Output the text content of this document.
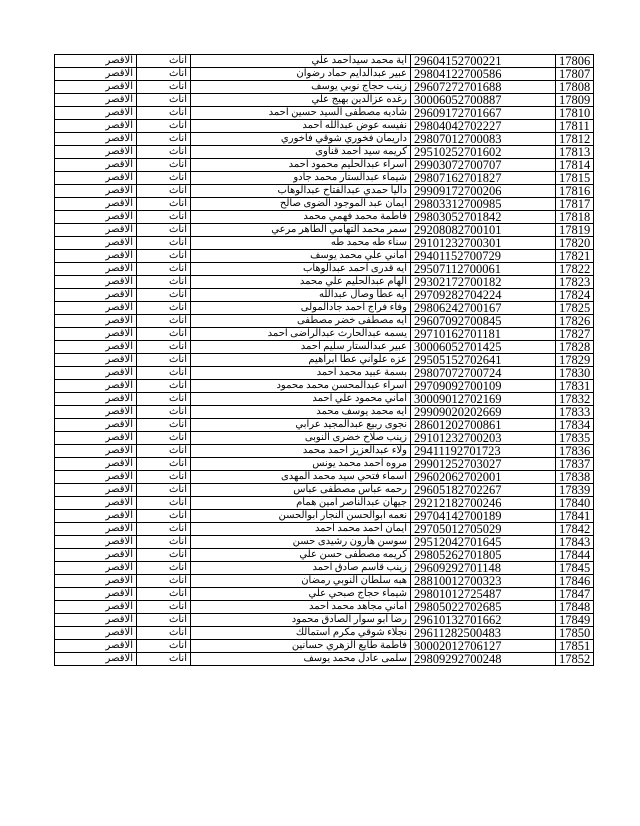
الاقصر	اناث	اية محمد سيداحمد علي	29604152700221	17806
الاقصر	اناث	عبير عبدالدايم حماد رضوان	29804122700586	17807
الاقصر	اناث	زينب حجاج نوبي يوسف	29607272701688	17808
الاقصر	اناث	رغده عزالدين بهيج علي	30006052700887	17809
الاقصر	اناث	شاديه مصطفى السيد حسين احمد	29609172701667	17810
الاقصر	اناث	نفيسه عوض عبدالله احمد	29804042702227	17811
الاقصر	اناث	داريمان فخوري شوقي فاخوري	29807012700083	17812
الاقصر	اناث	كريمه سيد احمد قناوى	29510252701602	17813
الاقصر	اناث	اسراء عبدالحليم محمود احمد	29903072700707	17814
الاقصر	اناث	شيماء عبدالستار محمد جادو	29807162701827	17815
الاقصر	اناث	داليا حمدي عبدالفتاح عبدالوهاب	29909172700206	17816
الاقصر	اناث	ايمان عبد الموجود الضوى صالح	29803312700985	17817
الاقصر	اناث	فاطمة محمد فهمي محمد	29803052701842	17818
الاقصر	اناث	سمر محمد التهامي الطاهر مرعي	29208082700101	17819
الاقصر	اناث	سناء طه محمد طه	29101232700301	17820
الاقصر	اناث	اماني علي محمد يوسف	29401152700729	17821
الاقصر	اناث	ايه قدرى احمد عبدالوهاب	29507112700061	17822
الاقصر	اناث	الهام عبدالحليم علي محمد	29302172700182	17823
الاقصر	اناث	ايه عطا وصال عبدالله	29709282704224	17824
الاقصر	اناث	وفاء فراج احمد جادالمولى	29806242700167	17825
الاقصر	اناث	ايه مصطفى خضر مصطفى	29607092700845	17826
الاقصر	اناث	يسمه عبدالحارث عبدالراضى احمد	29710162701181	17827
الاقصر	اناث	عبير عبدالستار سليم احمد	30006052701425	17828
الاقصر	اناث	عزه علواني عطا ابراهيم	29505152702641	17829
الاقصر	اناث	بسمة عبيد محمد احمد	29807072700724	17830
الاقصر	اناث	اسراء عبدالمحسن محمد محمود	29709092700109	17831
الاقصر	اناث	اماني محمود علي احمد	30009012702169	17832
الاقصر	اناث	ايه محمد يوسف محمد	29909020202669	17833
الاقصر	اناث	نجوى ربيع عبدالمجيد عرابي	28601202700861	17834
الاقصر	اناث	زينب صلاح خضرى النوبى	29101232700203	17835
الاقصر	اناث	ولاء عبدالعزيز احمد محمد	29411192701723	17836
الاقصر	اناث	مروه احمد محمد يونس	29901252703027	17837
الاقصر	اناث	اسماء فتحي سيد محمد المهدى	29602062702001	17838
الاقصر	اناث	رحمه عباس مصطفى عباس	29605182702267	17839
الاقصر	اناث	جيهان عبدالناصر امين همام	29212182700246	17840
الاقصر	اناث	نعمه ابوالحسن النجار ابوالحسن	29704142700189	17841
الاقصر	اناث	ايمان احمد محمد احمد	29705012705029	17842
الاقصر	اناث	سوسن هارون رشيدى حسن	29512042701645	17843
الاقصر	اناث	كريمه مصطفى حسن علي	29805262701805	17844
الاقصر	اناث	زينب قاسم صادق احمد	29609292701148	17845
الاقصر	اناث	هبه سلطان النوبي رمضان	28810012700323	17846
الاقصر	اناث	شيماء حجاج صبحي علي	29801012725487	17847
الاقصر	اناث	اماني مجاهد محمد احمد	29805022702685	17848
الاقصر	اناث	رضا ابو سوار الصادق محمود	29610132701662	17849
الاقصر	اناث	نجلاء شوقي مكرم استمالك	29611282500483	17850
الاقصر	اناث	فاطمة طايع الزهري حسانين	30002012706127	17851
الاقصر	اناث	سلمى عادل محمد يوسف	29809292700248	17852
